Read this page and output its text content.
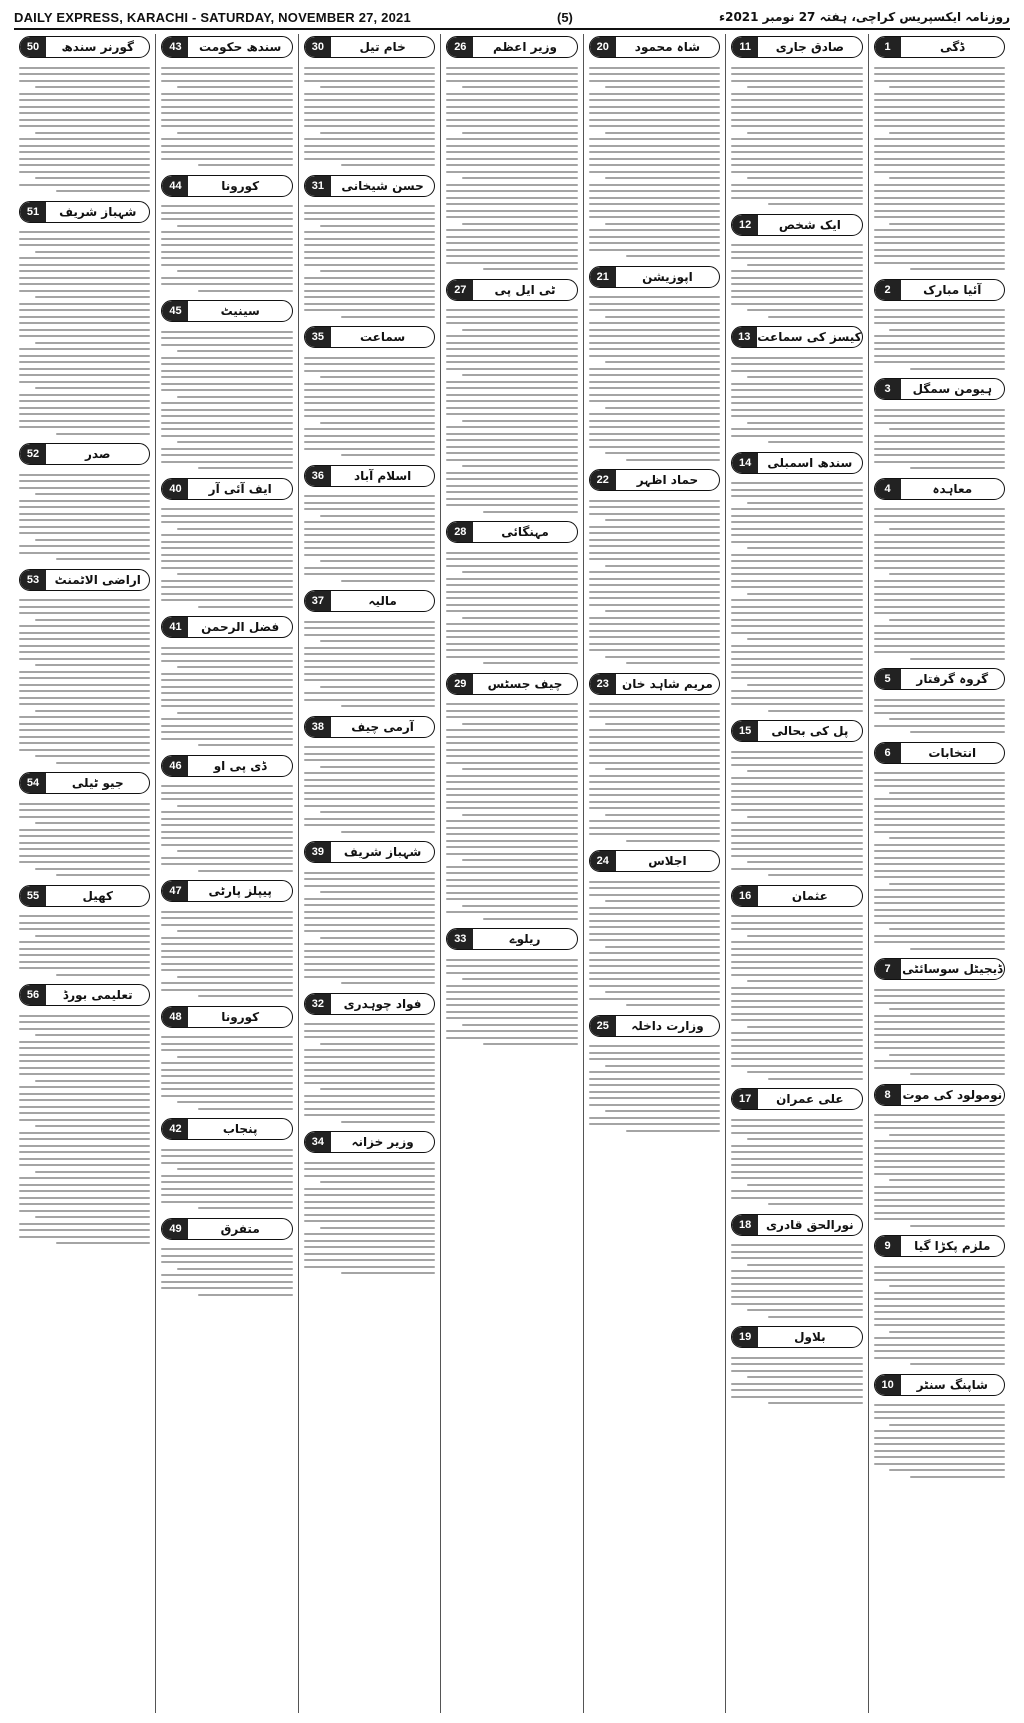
DAILY EXPRESS, KARACHI - SATURDAY, NOVEMBER 27, 2021	(5)	روزنامہ ایکسپریس کراچی، ہفتہ 27 نومبر 2021ء
ڈگی
1
آئیا مبارک
2
ہیومن سمگل
3
معاہدہ
4
گروہ گرفتار
5
انتخابات
6
ڈیجیٹل سوسائٹی
7
نومولود کی موت
8
ملزم پکڑا گیا
9
شاپنگ سنٹر
10
صادق جاری
11
ایک شخص
12
کیسز کی سماعت
13
سندھ اسمبلی
14
پل کی بحالی
15
عثمان
16
علی عمران
17
نورالحق قادری
18
بلاول
19
شاہ محمود
20
اپوزیشن
21
حماد اظہر
22
مریم شاہد خان
23
اجلاس
24
وزارت داخلہ
25
وزیر اعظم
26
ٹی ایل پی
27
مہنگائی
28
چیف جسٹس
29
ریلوے
33
خام تیل
30
حسن شیخانی
31
سماعت
35
اسلام آباد
36
مالیہ
37
آرمی چیف
38
شہباز شریف
39
فواد چوہدری
32
وزیر خزانہ
34
سندھ حکومت
43
کورونا
44
سینیٹ
45
ایف آئی آر
40
فضل الرحمن
41
ڈی پی او
46
پیپلز پارٹی
47
کورونا
48
پنجاب
42
متفرق
49
گورنر سندھ
50
شہباز شریف
51
صدر
52
اراضی الاٹمنٹ
53
جیو ٹیلی
54
کھیل
55
تعلیمی بورڈ
56
